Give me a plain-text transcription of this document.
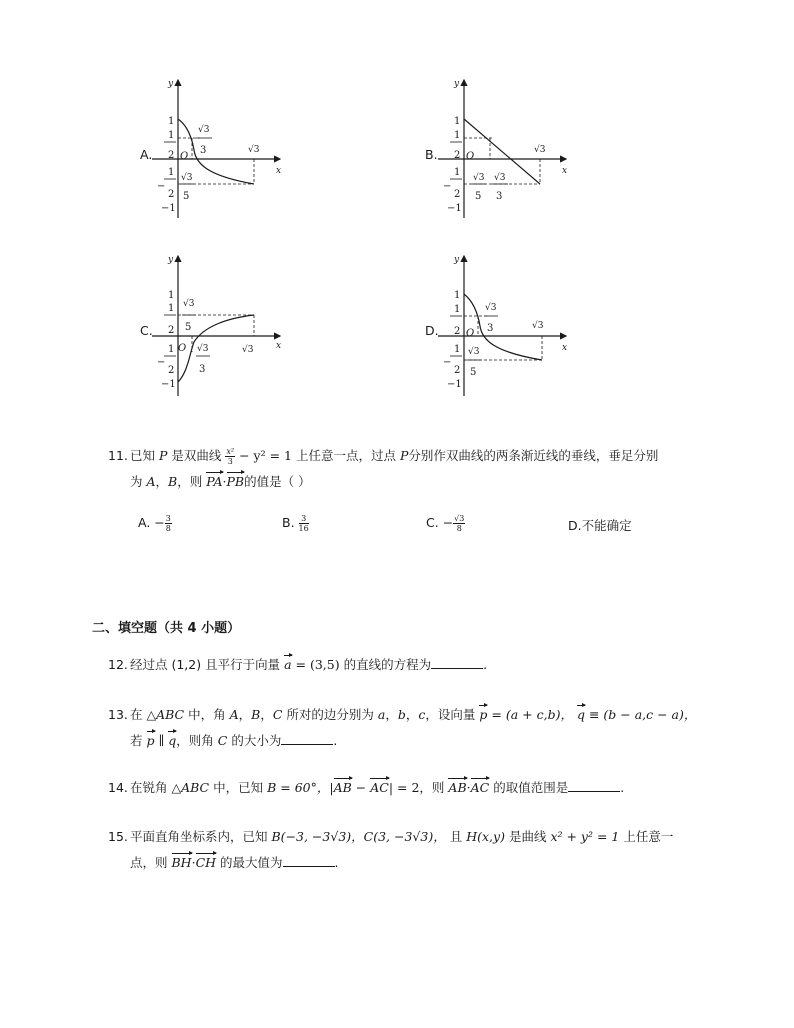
A.
y
x
O
1
1
2
1
−
2
−1
√3
3	√3
√3
5
B.
y
x
O
1
1
2
1
−
2
−1
√3
√3
5
√3
3
C.
y
x
O
1
1
2
1
−
2
−1
√3
5
√3
3
√3
D.
y
x
O
1
1
2
1
−
2
−1
√3
3	√3
√3
5
11. 已知 P 是双曲线 $\frac{\text{x²}}{3} - y^2 = 1$ 上任意一点，过点 P分别作双曲线的两条渐近线的垂线，垂足分别
为 A，B，则 PA·PB的值是（ ）
A. − $\frac{3}{8}$	B. $\frac{3}{16}$	C. − $\frac{√3}{8}$	D.不能确定
二、填空题（共 4 小题）
12. 经过点 (1,2) 且平行于向量 a = (3,5) 的直线的方程为	.
13. 在 △ABC 中，角 A，B，C 所对的边分别为 a，b，c，设向量 p = (a + c,b)， q ≡ (b − a,c − a)，
若 p ∥ q，则角 C 的大小为	.
14. 在锐角 △ABC 中，已知 B = 60°，|AB − AC| = 2，则 AB·AC 的取值范围是	.
15. 平面直角坐标系内，已知 B(−3, −3√3)，C(3, −3√3)， 且 H(x,y) 是曲线 x² + y² = 1 上任意一
点，则 BH·CH 的最大值为	.
